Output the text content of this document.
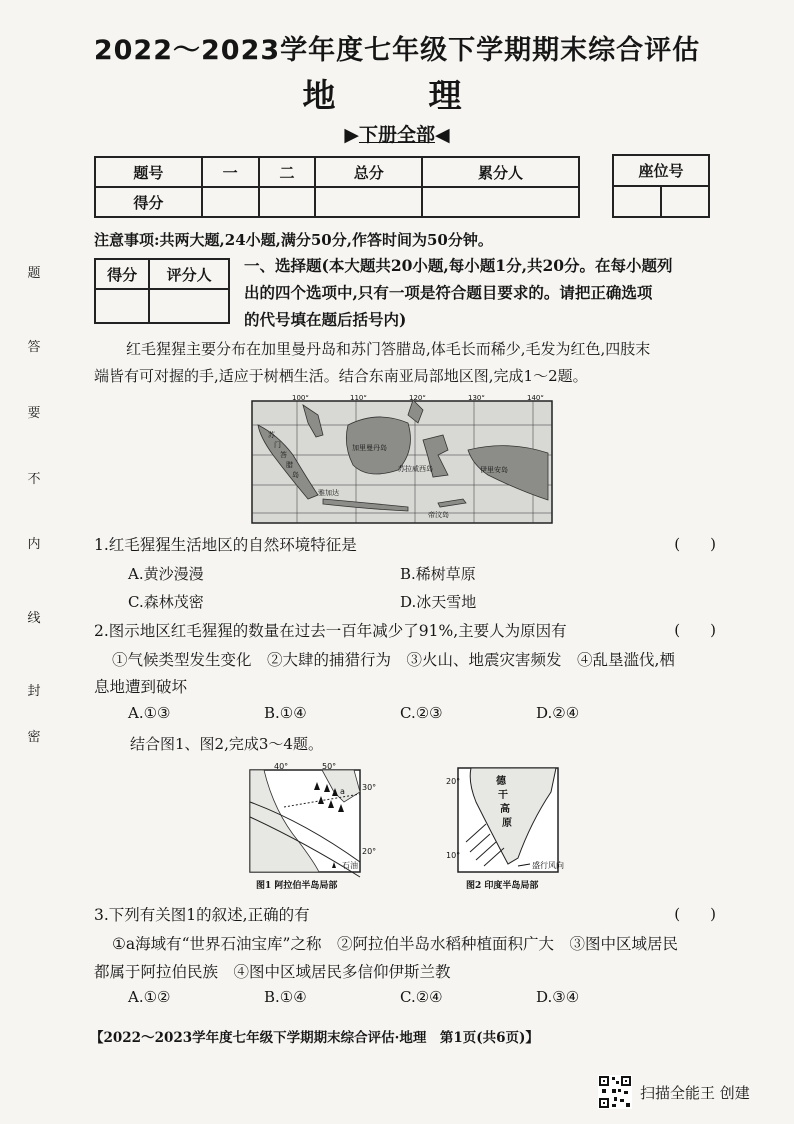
2022～2023学年度七年级下学期期末综合评估
地　理
▶下册全部◀
题号	一	二	总分	累分人
得分				
座位号

注意事项:共两大题,24小题,满分50分,作答时间为50分钟。
得分	评分人
	一、选择题(本大题共20小题,每小题1分,共20分。在每小题列
出的四个选项中,只有一项是符合题目要求的。请把正确选项
的代号填在题后括号内)
红毛猩猩主要分布在加里曼丹岛和苏门答腊岛,体毛长而稀少,毛发为红色,四肢末
端皆有可对握的手,适应于树栖生活。结合东南亚局部地区图,完成1～2题。
100°	110°	120°	130°	140°
苏
门
答
腊
岛
加里曼丹岛
苏拉威西岛
雅加达
伊里安岛
帝汶岛
1.红毛猩猩生活地区的自然环境特征是	(　　)
A.黄沙漫漫	B.稀树草原
C.森林茂密	D.冰天雪地
2.图示地区红毛猩猩的数量在过去一百年减少了91%,主要人为原因有	(　　)
①气候类型发生变化　②大肆的捕猎行为　③火山、地震灾害频发　④乱垦滥伐,栖
息地遭到破坏
A.①③	B.①④	C.②③	D.②④
结合图1、图2,完成3～4题。
40°	50°
30°
20°
a
石油
图1 阿拉伯半岛局部
德
干
高
原
20°
10°
盛行风向
图2 印度半岛局部
3.下列有关图1的叙述,正确的有	(　　)
①a海域有“世界石油宝库”之称　②阿拉伯半岛水稻种植面积广大　③图中区域居民
都属于阿拉伯民族　④图中区域居民多信仰伊斯兰教
A.①②	B.①④	C.②④	D.③④
题
答
要
不
内
线
封
密
【2022～2023学年度七年级下学期期末综合评估·地理　第1页(共6页)】
扫描全能王 创建
